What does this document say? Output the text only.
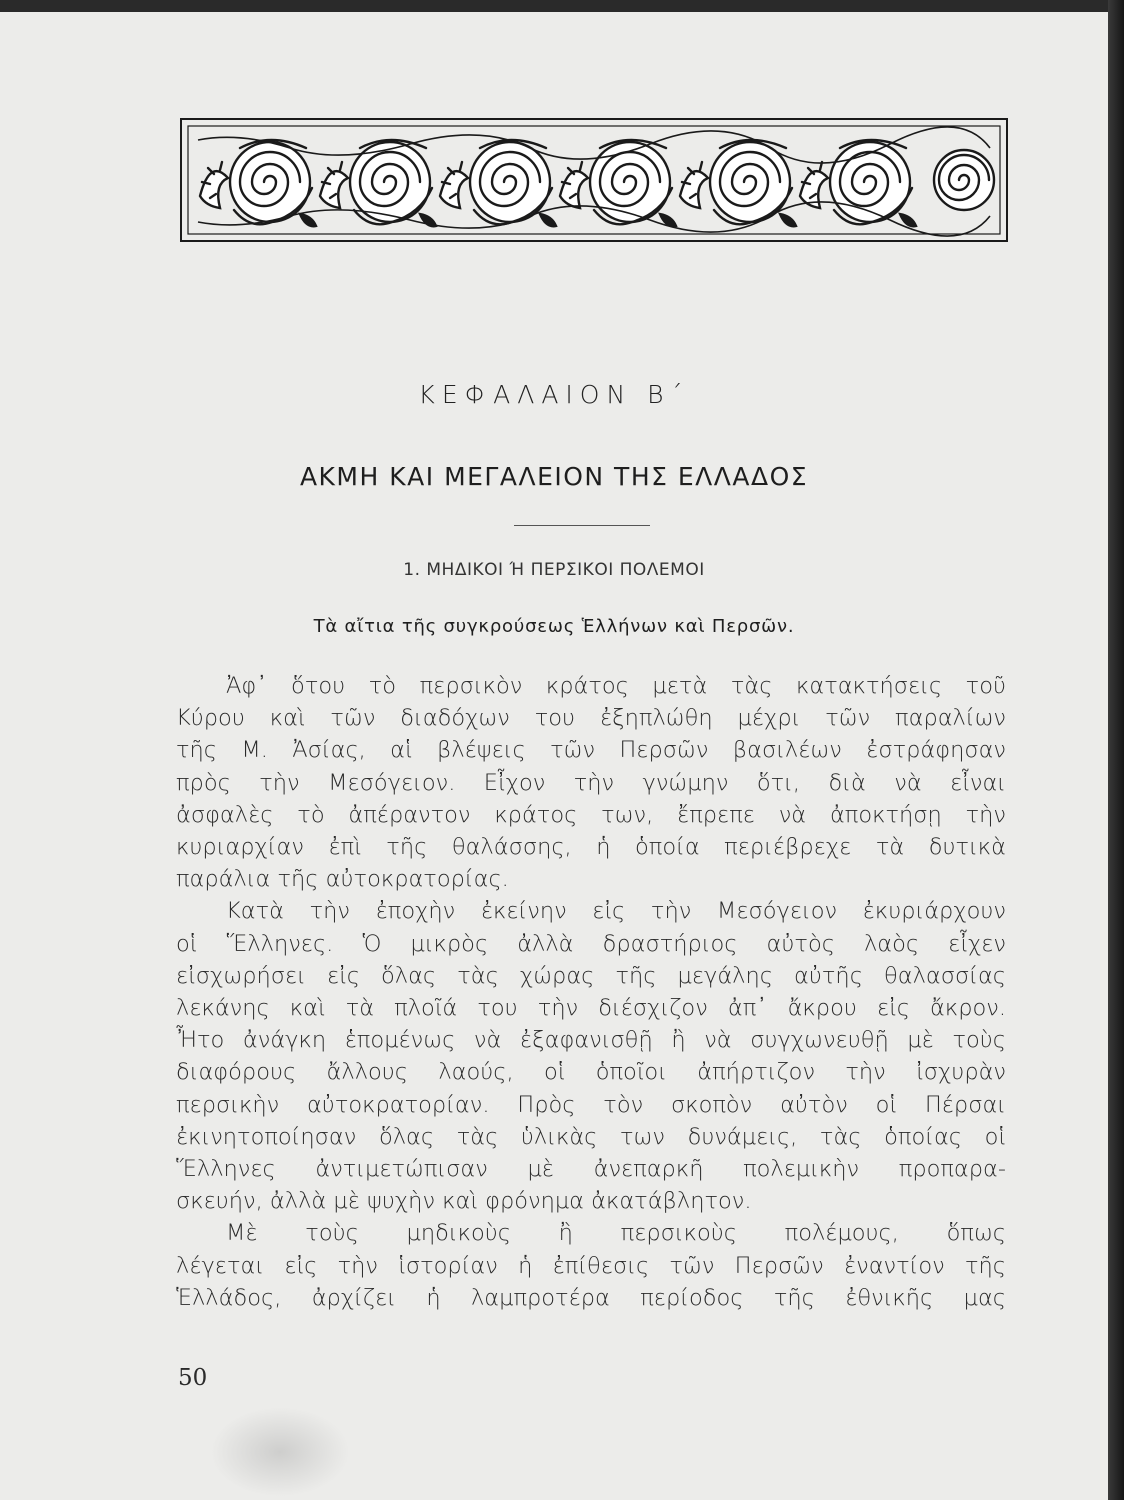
ΚΕΦΑΛΑΙΟΝ Β΄
ΑΚΜΗ ΚΑΙ ΜΕΓΑΛΕΙΟΝ ΤΗΣ ΕΛΛΑΔΟΣ
1. ΜΗΔΙΚΟΙ Ή ΠΕΡΣΙΚΟΙ ΠΟΛΕΜΟΙ
Τὰ αἴτια τῆς συγκρούσεως Ἑλλήνων καὶ Περσῶν.

Ἀφ᾽ ὅτου τὸ περσικὸν κράτος μετὰ τὰς κατακτήσεις τοῦ
Κύρου καὶ τῶν διαδόχων του ἐξηπλώθη μέχρι τῶν παραλίων
τῆς Μ. Ἀσίας, αἱ βλέψεις τῶν Περσῶν βασιλέων ἐστράφησαν
πρὸς τὴν Μεσόγειον. Εἶχον τὴν γνώμην ὅτι, διὰ νὰ εἶναι
ἀσφαλὲς τὸ ἀπέραντον κράτος των, ἔπρεπε νὰ ἀποκτήσῃ τὴν
κυριαρχίαν ἐπὶ τῆς θαλάσσης, ἡ ὁποία περιέβρεχε τὰ δυτικὰ
παράλια τῆς αὐτοκρατορίας.

Κατὰ τὴν ἐποχὴν ἐκείνην εἰς τὴν Μεσόγειον ἐκυριάρχουν
οἱ Ἕλληνες. Ὁ μικρὸς ἀλλὰ δραστήριος αὐτὸς λαὸς εἶχεν
εἰσχωρήσει εἰς ὅλας τὰς χώρας τῆς μεγάλης αὐτῆς θαλασσίας
λεκάνης καὶ τὰ πλοῖά του τὴν διέσχιζον ἀπ᾽ ἄκρου εἰς ἄκρον.
Ἦτο ἀνάγκη ἑπομένως νὰ ἐξαφανισθῇ ἢ νὰ συγχωνευθῇ μὲ τοὺς
διαφόρους ἄλλους λαούς, οἱ ὁποῖοι ἀπήρτιζον τὴν ἰσχυρὰν
περσικὴν αὐτοκρατορίαν. Πρὸς τὸν σκοπὸν αὐτὸν οἱ Πέρσαι
ἐκινητοποίησαν ὅλας τὰς ὑλικὰς των δυνάμεις, τὰς ὁποίας οἱ
Ἕλληνες ἀντιμετώπισαν μὲ ἀνεπαρκῆ πολεμικὴν προπαρα-
σκευήν, ἀλλὰ μὲ ψυχὴν καὶ φρόνημα ἀκατάβλητον.

Μὲ τοὺς μηδικοὺς ἢ περσικοὺς πολέμους, ὅπως
λέγεται εἰς τὴν ἱστορίαν ἡ ἐπίθεσις τῶν Περσῶν ἐναντίον τῆς
Ἑλλάδος, ἀρχίζει ἡ λαμπροτέρα περίοδος τῆς ἐθνικῆς μας

50
